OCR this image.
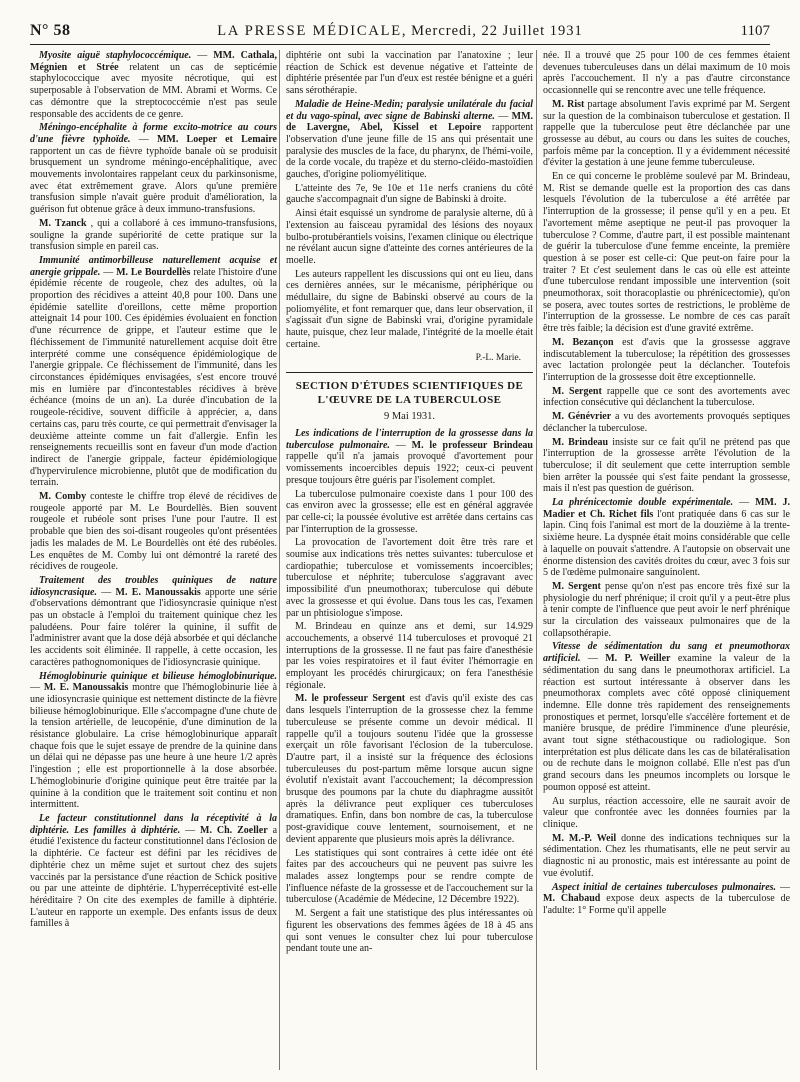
N° 58	LA PRESSE MÉDICALE, Mercredi, 22 Juillet 1931	1107

Myosite aiguë staphylococcémique. — MM. Cathala, Mégnien et Strée relatent un cas de septicémie staphylococcique avec myosite nécrotique, qui est superposable à l'observation de MM. Abrami et Worms. Ce cas démontre que la streptococcémie n'est pas seule responsable des accidents de ce genre.

Méningo-encéphalite à forme excito-motrice au cours d'une fièvre typhoïde. — MM. Loeper et Lemaire rapportent un cas de fièvre typhoïde banale où se produisit brusquement un syndrome méningo-encéphalitique, avec mouvements involontaires rappelant ceux du parkinsonisme, avec état extrêmement grave. Alors qu'une première transfusion simple n'avait guère produit d'amélioration, la guérison fut obtenue grâce à deux immuno-transfusions.

M. Tzanck , qui a collaboré à ces immuno-transfusions, souligne la grande supériorité de cette pratique sur la transfusion simple en pareil cas.

Immunité antimorbilleuse naturellement acquise et anergie grippale. — M. Le Bourdellès relate l'histoire d'une épidémie récente de rougeole, chez des adultes, où la proportion des récidives a atteint 40,8 pour 100. Dans une épidémie satellite d'oreillons, cette même proportion atteignait 14 pour 100. Ces épidémies évoluaient en fonction d'une récurrence de grippe, et l'auteur estime que le fléchissement de l'immunité naturellement acquise doit être interprété comme une conséquence épidémiologique de l'anergie grippale. Ce fléchissement de l'immunité, dans les circonstances épidémiques envisagées, s'est encore trouvé mis en lumière par d'incontestables récidives à brève échéance (moins de un an). La durée d'incubation de la rougeole-récidive, souvent difficile à apprécier, a, dans certains cas, paru très courte, ce qui permettrait d'envisager la deuxième atteinte comme un fait d'allergie. Enfin les renseignements recueillis sont en faveur d'un mode d'action indirect de l'anergie grippale, facteur épidémiologique d'hypervirulence microbienne, plutôt que de modification du terrain.

M. Comby conteste le chiffre trop élevé de récidives de rougeole apporté par M. Le Bourdellès. Bien souvent rougeole et rubéole sont prises l'une pour l'autre. Il est probable que bien des soi-disant rougeoles qu'ont présentées jadis les malades de M. Le Bourdellès ont été des rubéoles. Les enquêtes de M. Comby lui ont démontré la rareté des récidives de rougeole.

Traitement des troubles quiniques de nature idiosyncrasique. — M. E. Manoussakis apporte une série d'observations démontrant que l'idiosyncrasie quinique n'est pas un obstacle à l'emploi du traitement quinique chez les paludéens. Pour faire tolérer la quinine, il suffit de l'administrer avant que la dose déjà absorbée et qui déclanche les accidents soit éliminée. Il rappelle, à cette occasion, les caractères pathognomoniques de l'idiosyncrasie quinique.

Hémoglobinurie quinique et bilieuse hémoglobinurique. — M. E. Manoussakis montre que l'hémoglobinurie liée à une idiosyncrasie quinique est nettement distincte de la fièvre bilieuse hémoglobinurique. Elle s'accompagne d'une chute de la tension artérielle, de leucopénie, d'une diminution de la résistance globulaire. La crise hémoglobinurique apparaît chaque fois que le sujet essaye de prendre de la quinine dans un délai qui ne dépasse pas une heure à une heure 1/2 après l'ingestion ; elle est proportionnelle à la dose absorbée. L'hémoglobinurie d'origine quinique peut être traitée par la quinine à la condition que le traitement soit continu et non intermittent.

Le facteur constitutionnel dans la réceptivité à la diphtérie. Les familles à diphtérie. — M. Ch. Zoeller a étudié l'existence du facteur constitutionnel dans l'éclosion de la diphtérie. Ce facteur est défini par les récidives de diphtérie chez un même sujet et surtout chez des sujets vaccinés par la persistance d'une réaction de Schick positive ou par une atteinte de diphtérie. L'hyperréceptivité est-elle héréditaire ? On cite des exemples de famille à diphtérie. L'auteur en rapporte un exemple. Des enfants issus de deux familles à

diphtérie ont subi la vaccination par l'anatoxine ; leur réaction de Schick est devenue négative et l'atteinte de diphtérie présentée par l'un d'eux est restée bénigne et a guéri sans sérothérapie.

Maladie de Heine-Medin; paralysie unilatérale du facial et du vago-spinal, avec signe de Babinski alterne. — MM. de Lavergne, Abel, Kissel et Lepoire rapportent l'observation d'une jeune fille de 15 ans qui présentait une paralysie des muscles de la face, du pharynx, de l'hémi-voile, de la corde vocale, du trapèze et du sterno-cléido-mastoïdien gauches, d'origine poliomyélitique.

L'atteinte des 7e, 9e 10e et 11e nerfs craniens du côté gauche s'accompagnait d'un signe de Babinski à droite.

Ainsi était esquissé un syndrome de paralysie alterne, dû à l'extension au faisceau pyramidal des lésions des noyaux bulbo-protubérantiels voisins, l'examen clinique ou électrique ne révélant aucun signe d'atteinte des cornes antérieures de la moelle.

Les auteurs rappellent les discussions qui ont eu lieu, dans ces dernières années, sur le mécanisme, périphérique ou médullaire, du signe de Babinski observé au cours de la poliomyélite, et font remarquer que, dans leur observation, il s'agissait d'un signe de Babinski vrai, d'origine pyramidale haute, puisque, chez leur malade, l'intégrité de la moelle était certaine.

P.-L. Marie.

SECTION D'ÉTUDES SCIENTIFIQUES DE L'ŒUVRE DE LA TUBERCULOSE
9 Mai 1931.

Les indications de l'interruption de la grossesse dans la tuberculose pulmonaire. — M. le professeur Brindeau rappelle qu'il n'a jamais provoqué d'avortement pour vomissements incoercibles depuis 1922; ceux-ci peuvent presque toujours être guéris par l'isolement complet.

La tuberculose pulmonaire coexiste dans 1 pour 100 des cas environ avec la grossesse; elle est en général aggravée par celle-ci; la poussée évolutive est arrêtée dans certains cas par l'interruption de la grossesse.

La provocation de l'avortement doit être très rare et soumise aux indications très nettes suivantes: tuberculose et cardiopathie; tuberculose et vomissements incoercibles; tuberculose et néphrite; tuberculose s'aggravant avec impossibilité d'un pneumothorax; tuberculose qui débute avec la grossesse et qui évolue. Dans tous les cas, l'examen par un phtisiologue s'impose.

M. Brindeau en quinze ans et demi, sur 14.929 accouchements, a observé 114 tuberculoses et provoqué 21 interruptions de la grossesse. Il ne faut pas faire d'anesthésie par les voies respiratoires et il faut éviter l'hémorragie en employant les procédés chirurgicaux; on fera l'anesthésie régionale.

M. le professeur Sergent est d'avis qu'il existe des cas dans lesquels l'interruption de la grossesse chez la femme tuberculeuse se présente comme un devoir médical. Il rappelle qu'il a toujours soutenu l'idée que la grossesse exerçait un rôle favorisant l'éclosion de la tuberculose. D'autre part, il a insisté sur la fréquence des éclosions tuberculeuses du post-partum même lorsque aucun signe évolutif n'existait avant l'accouchement; la décompression brusque des poumons par la chute du diaphragme aussitôt après la délivrance peut expliquer ces tuberculoses dramatiques. Enfin, dans bon nombre de cas, la tuberculose post-gravidique couve lentement, sournoisement, et ne devient apparente que plusieurs mois après la délivrance.

Les statistiques qui sont contraires à cette idée ont été faites par des accoucheurs qui ne peuvent pas suivre les malades assez longtemps pour se rendre compte de l'influence néfaste de la grossesse et de l'accouchement sur la tuberculose (Académie de Médecine, 12 Décembre 1922).

M. Sergent a fait une statistique des plus intéressantes où figurent les observations des femmes âgées de 18 à 45 ans qui sont venues le consulter chez lui pour tuberculose pendant toute une an-

née. Il a trouvé que 25 pour 100 de ces femmes étaient devenues tuberculeuses dans un délai maximum de 10 mois après l'accouchement. Il n'y a pas d'autre circonstance occasionnelle qui se rencontre avec une telle fréquence.

M. Rist partage absolument l'avis exprimé par M. Sergent sur la question de la combinaison tuberculose et gestation. Il rappelle que la tuberculose peut être déclanchée par une grossesse au début, au cours ou dans les suites de couches, parfois même par la conception. Il y a évidemment nécessité d'éviter la gestation à une jeune femme tuberculeuse.

En ce qui concerne le problème soulevé par M. Brindeau, M. Rist se demande quelle est la proportion des cas dans lesquels l'évolution de la tuberculose a été arrêtée par l'interruption de la grossesse; il pense qu'il y en a peu. Et l'avortement même aseptique ne peut-il pas provoquer la tuberculose ? Comme, d'autre part, il est possible maintenant de guérir la tuberculose d'une femme enceinte, la première question à se poser est celle-ci: Que peut-on faire pour la traiter ? Et c'est seulement dans le cas où elle est atteinte d'une tuberculose rendant impossible une intervention (soit pneumothorax, soit thoracoplastie ou phrénicectomie), qu'on se posera, avec toutes sortes de restrictions, le problème de l'interruption de la grossesse. Le nombre de ces cas paraît être très faible; la décision est d'une gravité extrême.

M. Bezançon est d'avis que la grossesse aggrave indiscutablement la tuberculose; la répétition des grossesses avec lactation prolongée peut la déclancher. Toutefois l'interruption de la grossesse doit être exceptionnelle.

M. Sergent rappelle que ce sont des avortements avec infection consécutive qui déclanchent la tuberculose.

M. Génévrier a vu des avortements provoqués septiques déclancher la tuberculose.

M. Brindeau insiste sur ce fait qu'il ne prétend pas que l'interruption de la grossesse arrête l'évolution de la tuberculose; il dit seulement que cette interruption semble bien arrêter la poussée qui s'est faite pendant la grossesse, mais il n'est pas question de guérison.

La phrénicectomie double expérimentale. — MM. J. Madier et Ch. Richet fils l'ont pratiquée dans 6 cas sur le lapin. Cinq fois l'animal est mort de la douzième à la trente-sixième heure. La dyspnée était moins considérable que celle à laquelle on pouvait s'attendre. A l'autopsie on observait une énorme distension des cavités droites du cœur, avec 3 fois sur 5 de l'œdème pulmonaire sanguinolent.

M. Sergent pense qu'on n'est pas encore très fixé sur la physiologie du nerf phrénique; il croit qu'il y a peut-être plus à tenir compte de l'influence que peut avoir le nerf phrénique sur la circulation des vaisseaux pulmonaires que de la collapsothérapie.

Vitesse de sédimentation du sang et pneumothorax artificiel. — M. P. Weiller examine la valeur de la sédimentation du sang dans le pneumothorax artificiel. La réaction est surtout intéressante à observer dans les pneumothorax complets avec côté opposé cliniquement indemne. Elle donne très rapidement des renseignements pronostiques et permet, lorsqu'elle s'accélère fortement et de manière brusque, de prédire l'imminence d'une pleurésie, avant tout signe stéthacoustique ou radiologique. Son interprétation est plus délicate dans les cas de bilatéralisation ou de rechute dans le moignon collabé. Elle n'est pas d'un grand secours dans les pneumos incomplets ou lorsque le poumon opposé est atteint.

Au surplus, réaction accessoire, elle ne saurait avoir de valeur que confrontée avec les données fournies par la clinique.

M. M.-P. Weil donne des indications techniques sur la sédimentation. Chez les rhumatisants, elle ne peut servir au diagnostic ni au pronostic, mais est intéressante au point de vue évolutif.

Aspect initial de certaines tuberculoses pulmonaires. — M. Chabaud expose deux aspects de la tuberculose de l'adulte: 1° Forme qu'il appelle
